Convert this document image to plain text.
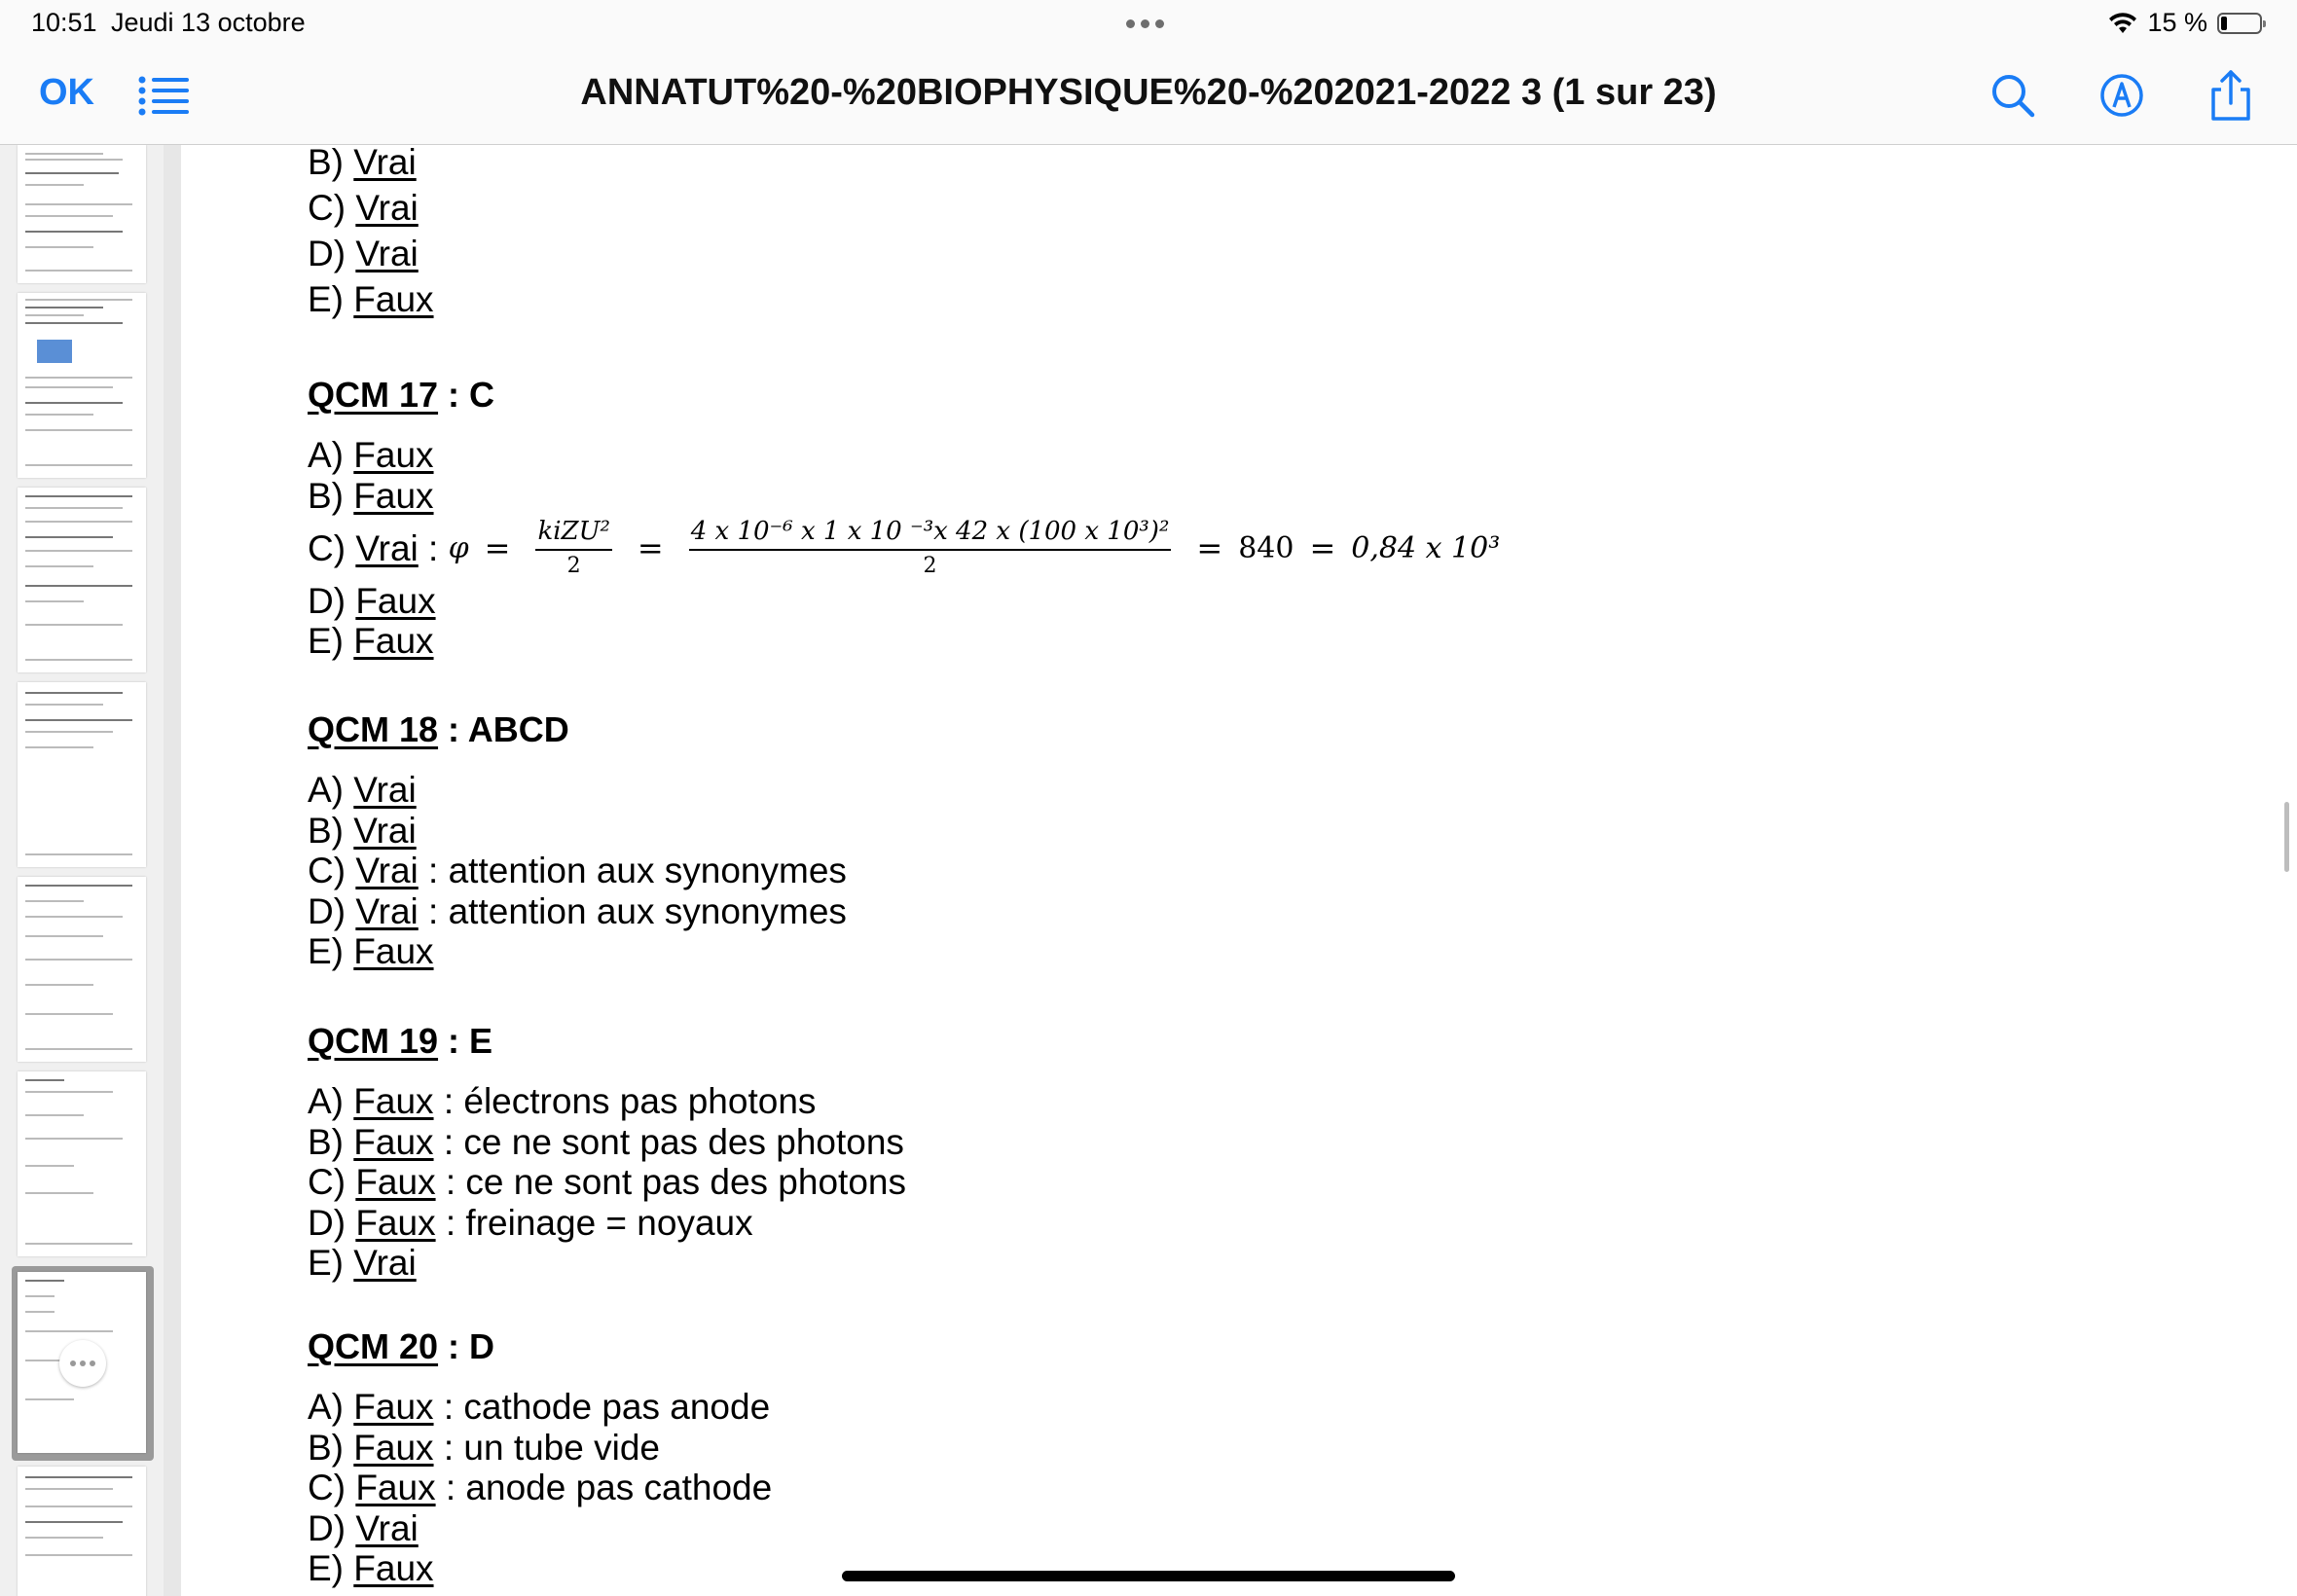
10:51 Jeudi 13 octobre	15 %
OK	ANNATUT%20-%20BIOPHYSIQUE%20-%202021-2022 3 (1 sur 23)
B) Vrai
C) Vrai
D) Vrai
E) Faux
QCM 17 : C
A) Faux
B) Faux
C)
Vrai : $\varphi = \frac{\text{kiZU²}}{2} = \frac{\text{4 x 10⁻⁶ x 1 x 10 ⁻³x 42 x (100 x 10³)²}}{2} = 840 = 0,84$ x 10³
D) Faux
E) Faux
QCM 18 : ABCD
A) Vrai
B) Vrai
C) Vrai : attention aux synonymes
D) Vrai : attention aux synonymes
E) Faux
QCM 19 : E
A) Faux : électrons pas photons
B) Faux : ce ne sont pas des photons
C) Faux : ce ne sont pas des photons
D) Faux : freinage = noyaux
E) Vrai
QCM 20 : D
A) Faux : cathode pas anode
B) Faux : un tube vide
C) Faux : anode pas cathode
D) Vrai
E) Faux
